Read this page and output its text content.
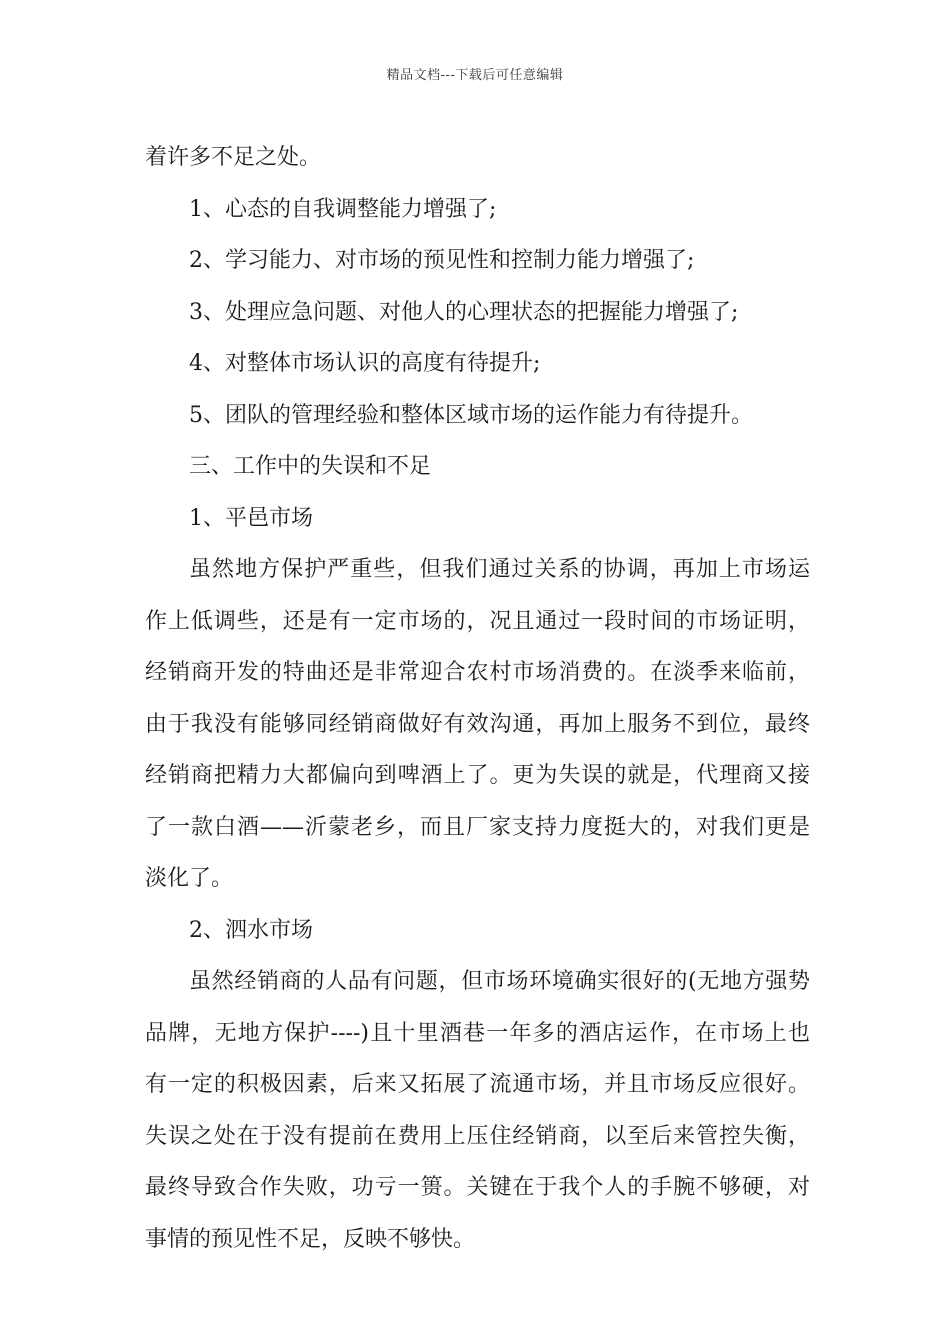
精品文档---下载后可任意编辑
着许多不足之处。
1、心态的自我调整能力增强了;
2、学习能力、对市场的预见性和控制力能力增强了;
3、处理应急问题、对他人的心理状态的把握能力增强了;
4、对整体市场认识的高度有待提升;
5、团队的管理经验和整体区域市场的运作能力有待提升。
三、工作中的失误和不足
1、平邑市场
虽然地方保护严重些，但我们通过关系的协调，再加上市场运
作上低调些，还是有一定市场的，况且通过一段时间的市场证明，
经销商开发的特曲还是非常迎合农村市场消费的。在淡季来临前，
由于我没有能够同经销商做好有效沟通，再加上服务不到位，最终
经销商把精力大都偏向到啤酒上了。更为失误的就是，代理商又接
了一款白酒——沂蒙老乡，而且厂家支持力度挺大的，对我们更是
淡化了。
2、泗水市场
虽然经销商的人品有问题，但市场环境确实很好的(无地方强势
品牌，无地方保护----)且十里酒巷一年多的酒店运作，在市场上也
有一定的积极因素，后来又拓展了流通市场，并且市场反应很好。
失误之处在于没有提前在费用上压住经销商，以至后来管控失衡，
最终导致合作失败，功亏一篑。关键在于我个人的手腕不够硬，对
事情的预见性不足，反映不够快。
